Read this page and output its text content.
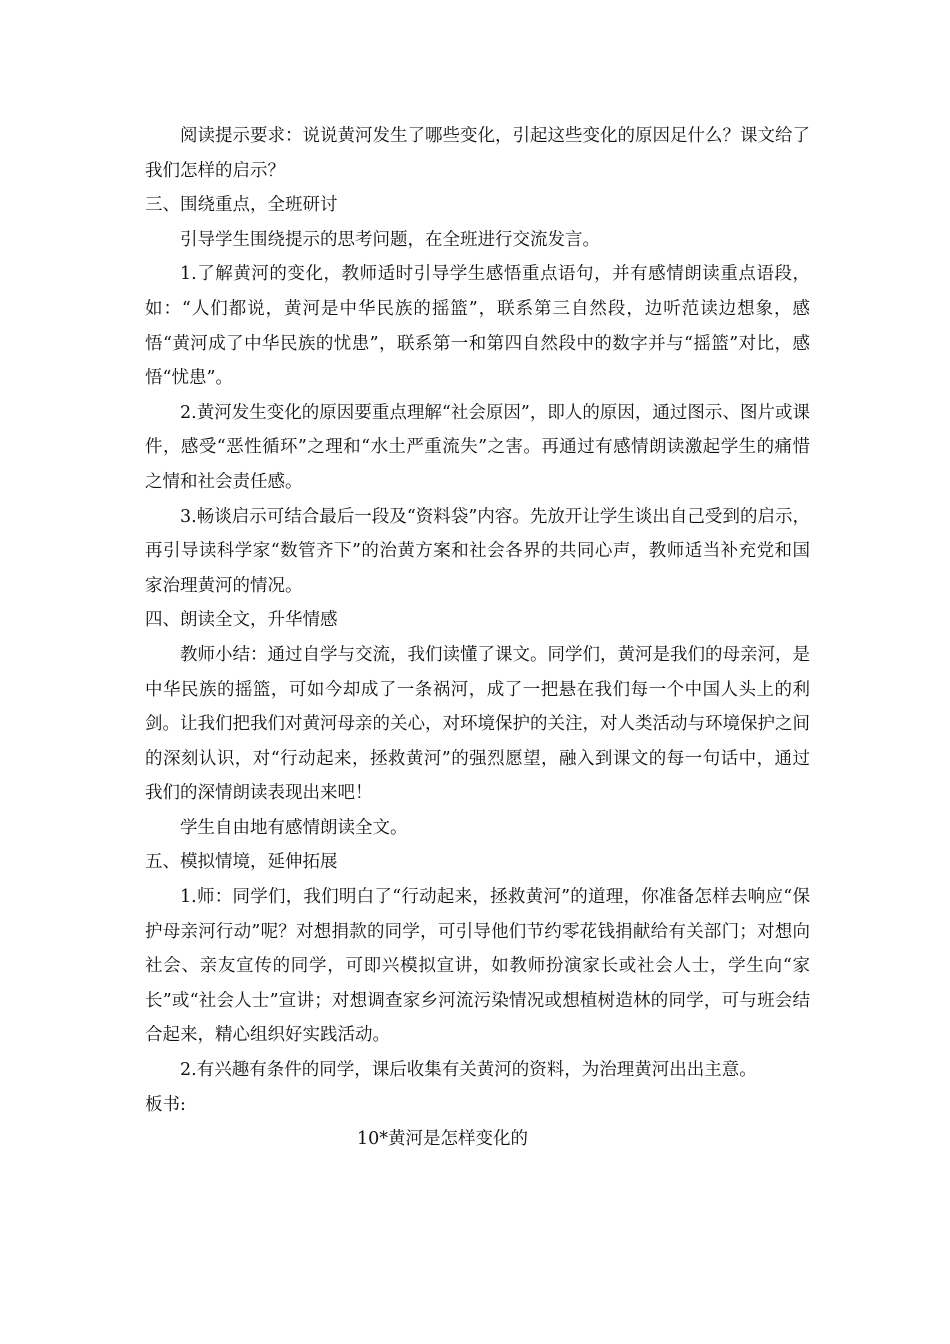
阅读提示要求：说说黄河发生了哪些变化，引起这些变化的原因足什么？课文给了我们怎样的启示？

三、围绕重点，全班研讨

引导学生围绕提示的思考问题，在全班进行交流发言。

1.了解黄河的变化，教师适时引导学生感悟重点语句，并有感情朗读重点语段，如：“人们都说，黄河是中华民族的摇篮”，联系第三自然段，边听范读边想象，感悟“黄河成了中华民族的忧患”，联系第一和第四自然段中的数字并与“摇篮”对比，感悟“忧患”。

2.黄河发生变化的原因要重点理解“社会原因”，即人的原因，通过图示、图片或课件，感受“恶性循环”之理和“水土严重流失”之害。再通过有感情朗读激起学生的痛惜之情和社会责任感。

3.畅谈启示可结合最后一段及“资料袋”内容。先放开让学生谈出自己受到的启示，再引导读科学家“数管齐下”的治黄方案和社会各界的共同心声，教师适当补充党和国家治理黄河的情况。

四、朗读全文，升华情感

教师小结：通过自学与交流，我们读懂了课文。同学们，黄河是我们的母亲河，是中华民族的摇篮，可如今却成了一条祸河，成了一把悬在我们每一个中国人头上的利剑。让我们把我们对黄河母亲的关心，对环境保护的关注，对人类活动与环境保护之间的深刻认识，对“行动起来，拯救黄河”的强烈愿望，融入到课文的每一句话中，通过我们的深情朗读表现出来吧！

学生自由地有感情朗读全文。

五、模拟情境，延伸拓展

1.师：同学们，我们明白了“行动起来，拯救黄河”的道理，你准备怎样去响应“保护母亲河行动”呢？对想捐款的同学，可引导他们节约零花钱捐献给有关部门；对想向社会、亲友宣传的同学，可即兴模拟宣讲，如教师扮演家长或社会人士，学生向“家长”或“社会人士”宣讲；对想调查家乡河流污染情况或想植树造林的同学，可与班会结合起来，精心组织好实践活动。

2.有兴趣有条件的同学，课后收集有关黄河的资料，为治理黄河出出主意。

板书:

10*黄河是怎样变化的
